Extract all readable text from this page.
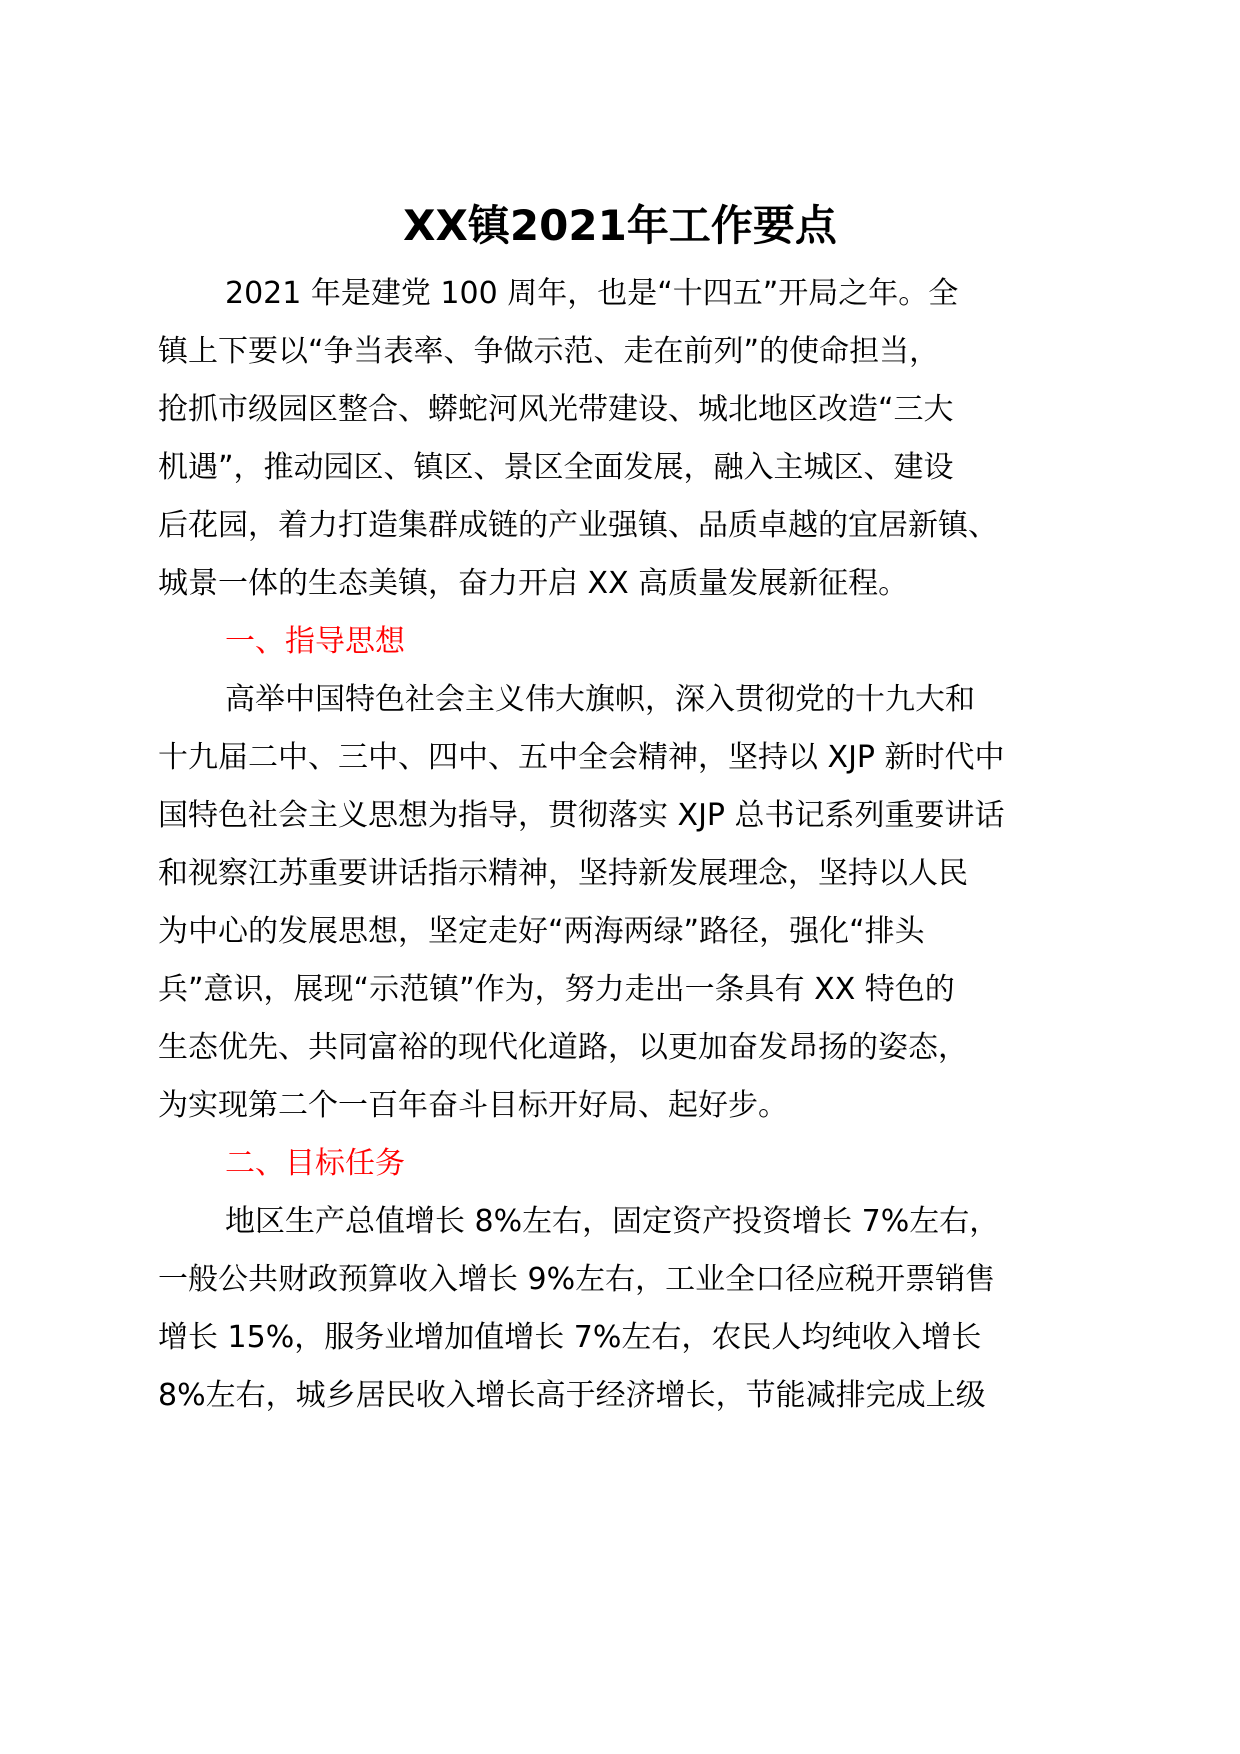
XX镇2021年工作要点

2021 年是建党 100 周年，也是“十四五”开局之年。全

镇上下要以“争当表率、争做示范、走在前列”的使命担当，

抢抓市级园区整合、蟒蛇河风光带建设、城北地区改造“三大

机遇”，推动园区、镇区、景区全面发展，融入主城区、建设

后花园，着力打造集群成链的产业强镇、品质卓越的宜居新镇、

城景一体的生态美镇，奋力开启 XX 高质量发展新征程。

一、指导思想

高举中国特色社会主义伟大旗帜，深入贯彻党的十九大和

十九届二中、三中、四中、五中全会精神，坚持以 XJP 新时代中

国特色社会主义思想为指导，贯彻落实 XJP 总书记系列重要讲话

和视察江苏重要讲话指示精神，坚持新发展理念，坚持以人民

为中心的发展思想，坚定走好“两海两绿”路径，强化“排头

兵”意识，展现“示范镇”作为，努力走出一条具有 XX 特色的

生态优先、共同富裕的现代化道路，以更加奋发昂扬的姿态，

为实现第二个一百年奋斗目标开好局、起好步。

二、目标任务

地区生产总值增长 8%左右，固定资产投资增长 7%左右，

一般公共财政预算收入增长 9%左右，工业全口径应税开票销售

增长 15%，服务业增加值增长 7%左右，农民人均纯收入增长

8%左右，城乡居民收入增长高于经济增长，节能减排完成上级
